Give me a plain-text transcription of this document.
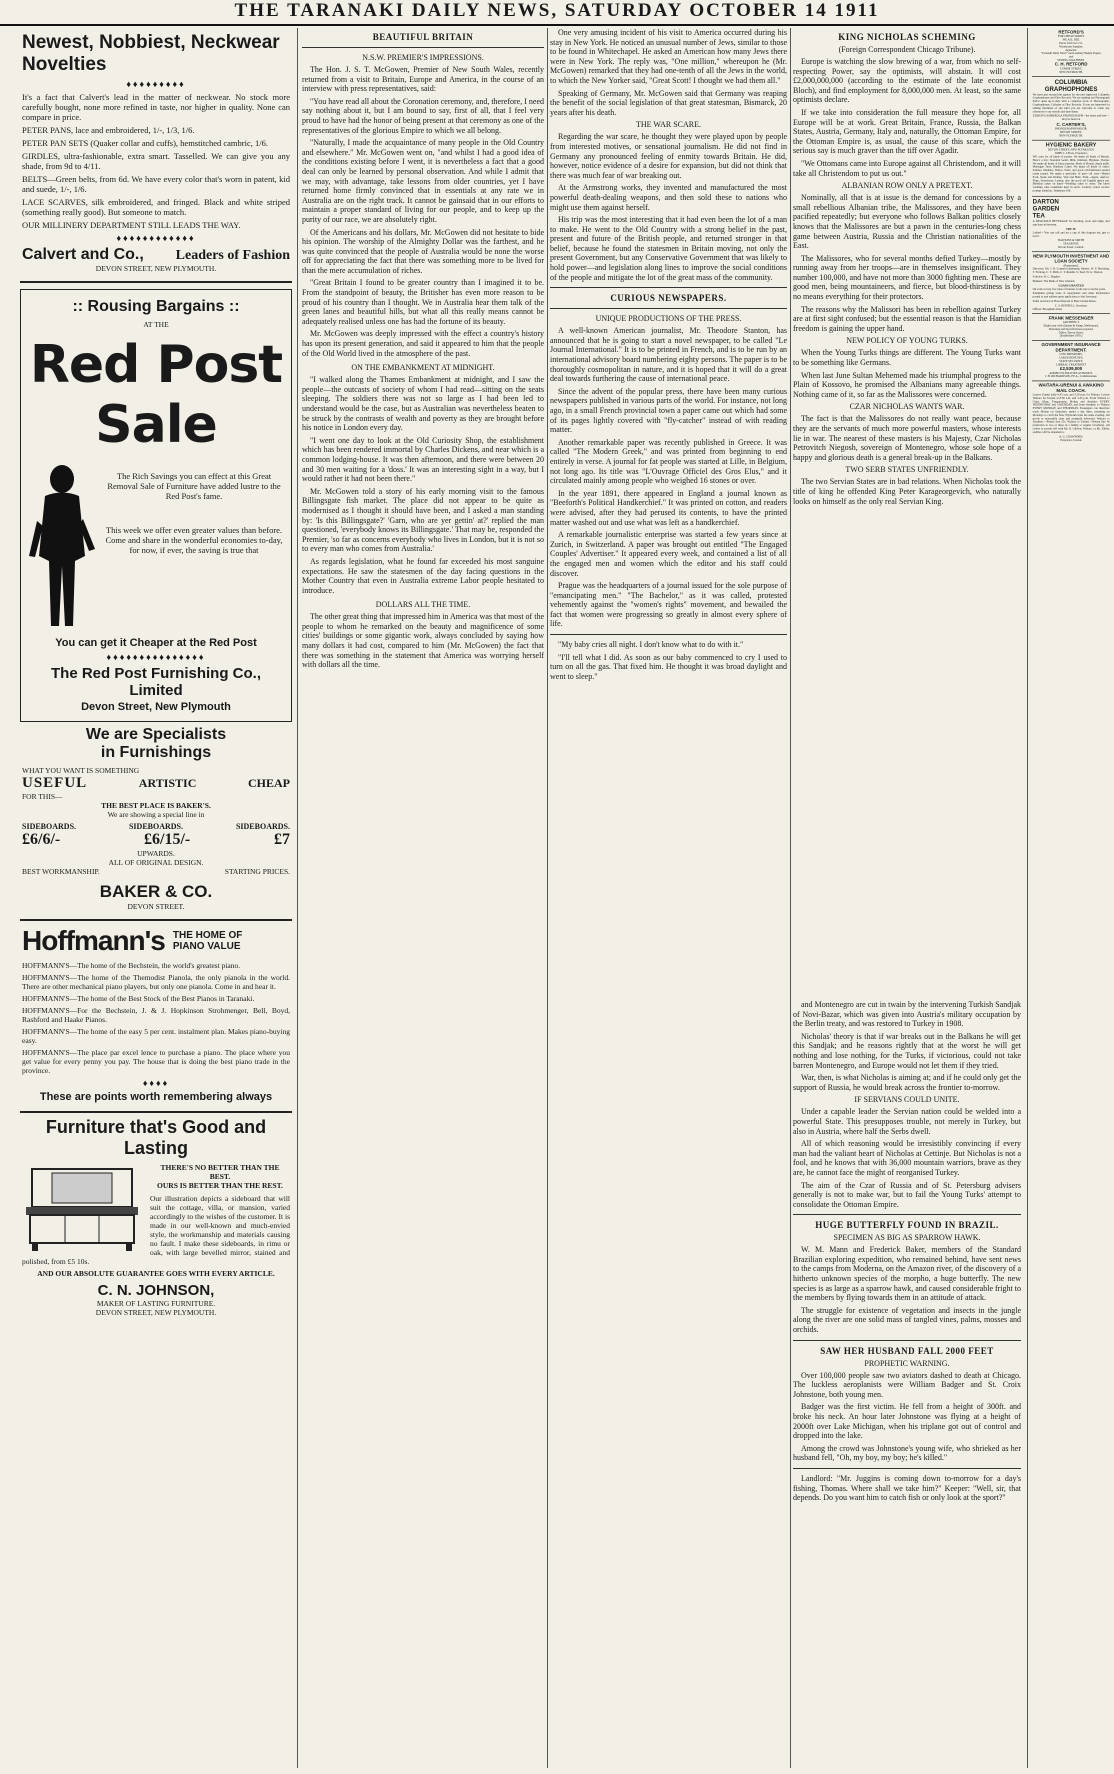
THE TARANAKI DAILY NEWS, SATURDAY OCTOBER 14 1911
Newest, Nobbiest, Neckwear Novelties
♦♦♦♦♦♦♦♦♦

It's a fact that Calvert's lead in the matter of neckwear. No stock more carefully bought, none more refined in taste, nor higher in quality. None can compare in price.

PETER PANS, lace and embroidered, 1/-, 1/3, 1/6.

PETER PAN SETS (Quaker collar and cuffs), hemstitched cambric, 1/6.

GIRDLES, ultra-fashionable, extra smart. Tasselled. We can give you any shade, from 9d to 4/11.

BELTS—Green belts, from 6d. We have every color that's worn in patent, kid and suede, 1/-, 1/6.

LACE SCARVES, silk embroidered, and fringed. Black and white striped (something really good). But someone to match.

OUR MILLINERY DEPARTMENT STILL LEADS THE WAY.

♦♦♦♦♦♦♦♦♦♦♦♦
Calvert and Co., Leaders of Fashion
DEVON STREET, NEW PLYMOUTH.
:: Rousing Bargains ::
AT THE
Red Post Sale

The Rich Savings you can effect at this Great Removal Sale of Furniture have added lustre to the Red Post's fame.

This week we offer even greater values than before. Come and share in the wonderful economies to-day, for now, if ever, the saving is true that

You can get it Cheaper at the Red Post
♦♦♦♦♦♦♦♦♦♦♦♦♦♦♦
The Red Post Furnishing Co., Limited
Devon Street, New Plymouth
We are Specialists
in Furnishings
WHAT YOU WANT IS SOMETHING
USEFUL	ARTISTIC	CHEAP
FOR THIS—
THE BEST PLACE IS BAKER'S.
We are showing a special line in
SIDEBOARDS.	SIDEBOARDS.	SIDEBOARDS.
£6/6/-	£6/15/-	£7
UPWARDS.
ALL OF ORIGINAL DESIGN.
BEST WORKMANSHIP.	STARTING PRICES.
BAKER & CO.
DEVON STREET.
Hoffmann's THE HOME OF PIANO VALUE

HOFFMANN'S—The home of the Bechstein, the world's greatest piano.

HOFFMANN'S—The home of the Themodist Pianola, the only pianola in the world. There are other mechanical piano players, but only one pianola. Come in and hear it.

HOFFMANN'S—The home of the Best Stock of the Best Pianos in Taranaki.

HOFFMANN'S—For the Bechstein, J. & J. Hopkinson Strohmenger, Bell, Boyd, Rashford and Haake Pianos.

HOFFMANN'S—The home of the easy 5 per cent. instalment plan. Makes piano-buying easy.

HOFFMANN'S—The place par excel lence to purchase a piano. The place where you get value for every penny you pay. The house that is doing the best piano trade in the province.

♦♦♦♦
These are points worth remembering always
Furniture that's Good and Lasting
THERE'S NO BETTER THAN THE BEST.
OURS IS BETTER THAN THE REST.

Our illustration depicts a sideboard that will suit the cottage, villa, or mansion, varied accordingly to the wishes of the customer. It is made in our well-known and much-envied style, the workmanship and materials causing no fault. I make these sideboards, in rimu or oak, with large bevelled mirror, stained and polished, from £5 10s.

AND OUR ABSOLUTE GUARANTEE GOES WITH EVERY ARTICLE.
C. N. JOHNSON,
MAKER OF LASTING FURNITURE.
DEVON STREET, NEW PLYMOUTH.
BEAUTIFUL BRITAIN
N.S.W. PREMIER'S IMPRESSIONS.

The Hon. J. S. T. McGowen, Premier of New South Wales, recently returned from a visit to Britain, Europe and America, in the course of an interview with press representatives, said:

"You have read all about the Coronation ceremony, and, therefore, I need say nothing about it, but I am bound to say, first of all, that I feel very proud to have had the honor of being present at that ceremony as one of the representatives of the glorious Empire to which we all belong.

"Naturally, I made the acquaintance of many people in the Old Country and elsewhere." Mr. McGowen went on, "and whilst I had a good idea of the conditions existing before I went, it is nevertheless a fact that a good deal can only be learned by personal observation. And while I admit that we may, with advantage, take lessons from older countries, yet I have returned home firmly convinced that in essentials at any rate we in Australia are on the right track. It cannot be gainsaid that in our efforts to maintain a proper standard of living for our people, and to keep up the purity of our race, we are absolutely right.

Of the Americans and his dollars, Mr. McGowen did not hesitate to bide his opinion. The worship of the Almighty Dollar was the farthest, and he was quite convinced that the people of Australia would be none the worse off for appreciating the fact that there was something more to be lived for than the mere accumulation of riches.

"Great Britain I found to be greater country than I imagined it to be. From the standpoint of beauty, the Britisher has even more reason to be proud of his country than I thought. We in Australia hear them talk of the green lanes and beautiful hills, but what all this really means cannot be adequately realised unless one has had the fortune of its beauty.

Mr. McGowen was deeply impressed with the effect a country's history has upon its present generation, and said it appeared to him that the people of the Old World lived in the atmosphere of the past.

ON THE EMBANKMENT AT MIDNIGHT.

"I walked along the Thames Embankment at midnight, and I saw the people—the outcasts of society of whom I had read—sitting on the seats sleeping. The soldiers there was not so large as I had been led to understand would be the case, but as Australian was nevertheless beaten to be struck by the contrasts of wealth and poverty as they are brought before his notice in London every day.

"I went one day to look at the Old Curiosity Shop, the establishment which has been rendered immortal by Charles Dickens, and near which is a common lodging-house. It was then afternoon, and there were between 20 and 30 men waiting for a 'doss.' It was an interesting sight in a way, but I would rather it had not been there."

Mr. McGowen told a story of his early morning visit to the famous Billingsgate fish market. The place did not appear to be quite as modernised as I thought it should have been, and I asked a man standing by: 'Is this Billingsgate?' 'Garn, who are yer gettin' at?' replied the man questioned, 'everybody knows its Billingsgate.' That may be, responded the Premier, 'so far as concerns everybody who lives in London, but it is not so to every man who comes from Australia.'

As regards legislation, what he found far exceeded his most sanguine expectations. He saw the statesmen of the day facing questions in the Mother Country that even in Australia extreme Labor people hesitated to introduce.

DOLLARS ALL THE TIME.

The other great thing that impressed him in America was that most of the people to whom he remarked on the beauty and magnificence of some cities' buildings or some gigantic work, always concluded by saying how many dollars it had cost, compared to him (Mr. McGowen) the fact that there was something in the statement that America was worrying herself with dollars all the time.

One very amusing incident of his visit to America occurred during his stay in New York. He noticed an unusual number of Jews, similar to those to be found in Whitechapel. He asked an American how many Jews there were in New York. The reply was, "One million," whereupon he (Mr. McGowen) remarked that they had one-tenth of all the Jews in the world, to which the New Yorker said, "Great Scott! I thought we had them all."

Speaking of Germany, Mr. McGowen said that Germany was reaping the benefit of the social legislation of that great statesman, Bismarck, 20 years after his death.

THE WAR SCARE.

Regarding the war scare, he thought they were played upon by people from interested motives, or sensational journalism. He did not find in Germany any pronounced feeling of enmity towards Britain. He did, however, notice evidence of a desire for expansion, but did not think that there was much fear of war breaking out.

At the Armstrong works, they invented and manufactured the most powerful death-dealing weapons, and then sold these to nations who might use them against herself.

His trip was the most interesting that it had even been the lot of a man to make. He went to the Old Country with a strong belief in the past, present and future of the British people, and returned stronger in that belief, because he found the statesmen in Britain moving, not only the present Government, but any Conservative Government that was likely to hold power—and legislation along lines to improve the social conditions of the people and mitigate the lot of the great mass of the community.

CURIOUS NEWSPAPERS.
UNIQUE PRODUCTIONS OF THE PRESS.

A well-known American journalist, Mr. Theodore Stanton, has announced that he is going to start a novel newspaper, to be called "Le Journal International." It is to be printed in French, and is to be run by an international advisory board numbering eighty persons. The paper is to be thoroughly cosmopolitan in nature, and it is hoped that it will do a great deal towards furthering the cause of international peace.

Since the advent of the popular press, there have been many curious newspapers published in various parts of the world. For instance, not long ago, in a small French provincial town a paper came out which had some of its pages lightly covered with "fly-catcher" instead of with reading matter.

Another remarkable paper was recently published in Greece. It was called "The Modern Greek," and was printed from beginning to end entirely in verse. A journal for fat people was started at Lille, in Belgium, not long ago. Its title was "L'Ouvrage Officiel des Gros Elus," and it circulated mainly among people who weighed 16 stones or over.

In the year 1891, there appeared in England a journal known as "Beeforth's Political Handkerchief." It was printed on cotton, and readers were advised, after they had perused its contents, to have the printed matter washed out and use what was left as a handkerchief.

A remarkable journalistic enterprise was started a few years since at Zurich, in Switzerland. A paper was brought out entitled "The Engaged Couples' Advertiser." It appeared every week, and contained a list of all the engaged men and women which the editor and his staff could discover.

Prague was the headquarters of a journal issued for the sole purpose of "emancipating men." "The Bachelor," as it was called, protested vehemently against the "women's rights" movement, and bewailed the fact that women were progressing so greatly in almost every sphere of life.

"My baby cries all night. I don't know what to do with it."

"I'll tell what I did. As soon as our baby commenced to cry I used to turn on all the gas. That fixed him. He thought it was broad daylight and went to sleep."

KING NICHOLAS SCHEMING
(Foreign Correspondent Chicago Tribune).

Europe is watching the slow brewing of a war, from which no self-respecting Power, say the optimists, will abstain. It will cost £2,000,000,000 (according to the estimate of the late economist Bloch), and find employment for 8,000,000 men. At least, so the same optimists declare.

If we take into consideration the full measure they hope for, all Europe will be at work. Great Britain, France, Russia, the Balkan States, Austria, Germany, Italy and, naturally, the Ottoman Empire, for the Ottoman Empire is, as usual, the cause of this scare, which the serious say is much graver than the tiff over Agadir.

"We Ottomans came into Europe against all Christendom, and it will take all Christendom to put us out."

ALBANIAN ROW ONLY A PRETEXT.

Nominally, all that is at issue is the demand for concessions by a small rebellious Albanian tribe, the Malissores, and they have been pacified repeatedly; but everyone who follows Balkan politics closely knows that the Malissores are but a pawn in the centuries-long chess game between Austria, Russia and the Christian nationalities of the East.

The Malissores, who for several months defied Turkey—mostly by running away from her troops—are in themselves insignificant. They number 100,000, and have not more than 3000 fighting men. These are good men, being mountaineers, and fierce, but blood-thirstiness is by no means everything for their protectors.

The reasons why the Malissori has been in rebellion against Turkey are at first sight confused; but the essential reason is that the Hamidian freedom is gaining the upper hand.

NEW POLICY OF YOUNG TURKS.

When the Young Turks things are different. The Young Turks want to be something like Germans.

When last June Sultan Mehemed made his triumphal progress to the Plain of Kossovo, he promised the Albanians many agreeable things. Nothing came of it, so far as the Malissores were concerned.

CZAR NICHOLAS WANTS WAR.

The fact is that the Malissores do not really want peace, because they are the servants of much more powerful masters, whose interests lie in war. The nearest of these masters is his Majesty, Czar Nicholas Petrovitch Niegosh, sovereign of Montenegro, whose sole hope of a happy and glorious death is a general break-up in the Balkans.

TWO SERB STATES UNFRIENDLY.

The two Servian States are in bad relations. When Nicholas took the title of king he offended King Peter Karageorgevich, who naturally looks on himself as the only real Servian King.

and Montenegro are cut in twain by the intervening Turkish Sandjak of Novi-Bazar, which was given into Austria's military occupation by the Berlin treaty, and was restored to Turkey in 1908.

Nicholas' theory is that if war breaks out in the Balkans he will get this Sandjak; and he reasons rightly that at the worst he will get nothing and lose nothing, for the Turks, if victorious, could not take barren Montenegro, and Europe would not let them if they tried.

War, then, is what Nicholas is aiming at; and if he could only get the support of Russia, he would break across the frontier to-morrow.

IF SERVIANS COULD UNITE.

Under a capable leader the Servian nation could be welded into a powerful State. This presupposes trouble, not merely in Turkey, but also in Austria, where half the Serbs dwell.

All of which reasoning would be irresistibly convincing if every man had the valiant heart of Nicholas at Cettinje. But Nicholas is not a fool, and he knows that with 36,000 mountain warriors, brave as they are, he cannot face the might of reorganised Turkey.

The aim of the Czar of Russia and of St. Petersburg advisers generally is not to make war, but to fail the Young Turks' attempt to consolidate the Ottoman Empire.

HUGE BUTTERFLY FOUND IN BRAZIL.
SPECIMEN AS BIG AS SPARROW HAWK.

W. M. Mann and Frederick Baker, members of the Standard Brazilian exploring expedition, who remained behind, have sent news to the camps from Moderna, on the Amazon river, of the discovery of a hitherto unknown species of the morpho, a huge butterfly. The new species is as large as a sparrow hawk, and caused considerable fright to the members by flying towards them in an attitude of attack.

The struggle for existence of vegetation and insects in the jungle along the river are one solid mass of tangled vines, palms, mosses and orchids.

SAW HER HUSBAND FALL 2000 FEET
PROPHETIC WARNING.

Over 100,000 people saw two aviators dashed to death at Chicago. The luckless aeroplanists were William Badger and St. Croix Johnstone, both young men.

Badger was the first victim. He fell from a height of 300ft. and broke his neck. An hour later Johnstone was flying at a height of 2000ft over Lake Michigan, when his triplane got out of control and dropped into the lake.

Among the crowd was Johnstone's young wife, who shrieked as her husband fell, "Oh, my boy, my boy; he's killed."

Landlord: "Mr. Juggins is coming down to-morrow for a day's fishing, Thomas. Where shall we take him?" Keeper: "Well, sir, that depends. Do you want him to catch fish or only look at the sport?"

RETFORD'S
FOR CHEAP SKIRTS
WE ALL DID.
Prices from 5s to £1.
Warehouse Samples.
Agencies:
"Taranaki Daily News" and Leading Weekly Papers,
and
SEWING MACHINES.
C. H. RETFORD
CURRIE STREET,
NEW PLYMOUTH.
COLUMBIA GRAPHOPHONES

We have just secured the agency for the new improved Columbia Graphophones and Disc Records. We are making our Phonograph Parlor quite up-to-date with a complete stock of Phonographs, Graphophones, Cylinder or Disc Records. If you are interested in talking machines of any kind you are welcome to come any afternoon to our recitals and hear them.

EDISON'S AMBEROLA PHONOGRAPH—the latest and best—may be heard at

C. CARTER'S,
PHONOGRAPH PARLOR,
DEVON STREET,
NEW PLYMOUTH.
HYGIENIC BAKERY
DEVON STREET, NEW PLYMOUTH.
JOHN C. LEGG, Proprietor,

WE cater for all kinds of parties. We make all kinds of Breads. Here's a few: Standard Germ, Milk, Oatmeal, Hygiene, Vienna. We make all kinds of fancy pastries: Made of Honey, Apple puffs, Meringue Tarts, Banbury Cakes. We make all kinds of cakes: Sultana, Madeira, Venice, Paris, and good old-fashioned seeded raisin pound. We make a speciality of pies—all sorts—Baked Pork, Steak and Kidney, Veal and Ham. Fruit—Apple, Apricot, Plum, Strawberry, Lemon; also the good old English mince pie. Birthday cakes on hand—Wedding cakes to order. The latest wedding cake ornaments kept in stock. Country orders receive prompt attention. Telephone 106.

DARTON
GARDEN
TEA

A DELICIOUS BEVERAGE for morning, noon and night, and any hour in between.

TRY IT.

Ladies!—You can call and try a cup of this fragrant tea, just to test it.

HAWKINS & SMITH
TEA DEPOT,
Devon Street, Central.
NEW PLYMOUTH INVESTMENT AND LOAN SOCIETY
(Permanent).

Directors: Mr. J. B. Connett (chairman), Messrs. W. P. Brooking, T. Furlong, C. T. Mills, C. T. Rundle, S. Teed, W. G. Weston.

Solicitor: R. C. Hughes.

Bankers: The Bank of New Zealand.

LOANS GRANTED

On scale at very low rates of interest, from one to twelve years.

Pamphlets giving scale of repayments and other information posted to any address upon application to the Secretary.

Sums received on Fixed Deposit at Best Current Rates.

C. S. RENNELL, Secretary.
Offices: Brougham-street
FRANK MESSENGER
ARCHITECT.
(Eight year with Oakden & Kemp, Melbourne).
Drawings and Specifications prepared.
Office: Devon Street,
[Established 1876.]
GOVERNMENT INSURANCE DEPARTMENT.
LOW PREMIUMS,
LARGE BONUSES,
STATE SECURITY,
LIBERAL TREATMENT
£2,539,000
ADDED TO POLICIES AS BONUS.
J. H. RICHARDSON, F.F.A., Commissioner.
WAITARA-URENUI & AWAKINO MAIL COACH.

Leaves Urenui daily 6.45 a.m. and 3.50 p.m. for Waitara. Leaves Waitara for Urenui at 8.30 a.m. and 5.45 p.m. From Waitara to Uruti, Okau, Tongaporutu, Mokau and Awakino EVERY WEDNESDAY and SATURDAY, and from Awakino to Waitara EVERY MONDAY and THURSDAY. Passengers can therefore reach Mokau on Saturdays, spend a day there, returning on Mondays to catch the New Plymouth train the same evening. All goods at reasonable rates and promptly delivered. Waitara to Awakino.—Return fare 25s. Waitara to Urenui.—Return fare 4s (reduction to two or three in a family or regular travellers). All orders or parcels left with Mr. R. Gibbon, Waitara, or Mr. Kibby, saddler, will be attended to.

A. G. CRAWFORD,
Proprietor, Urenui.
